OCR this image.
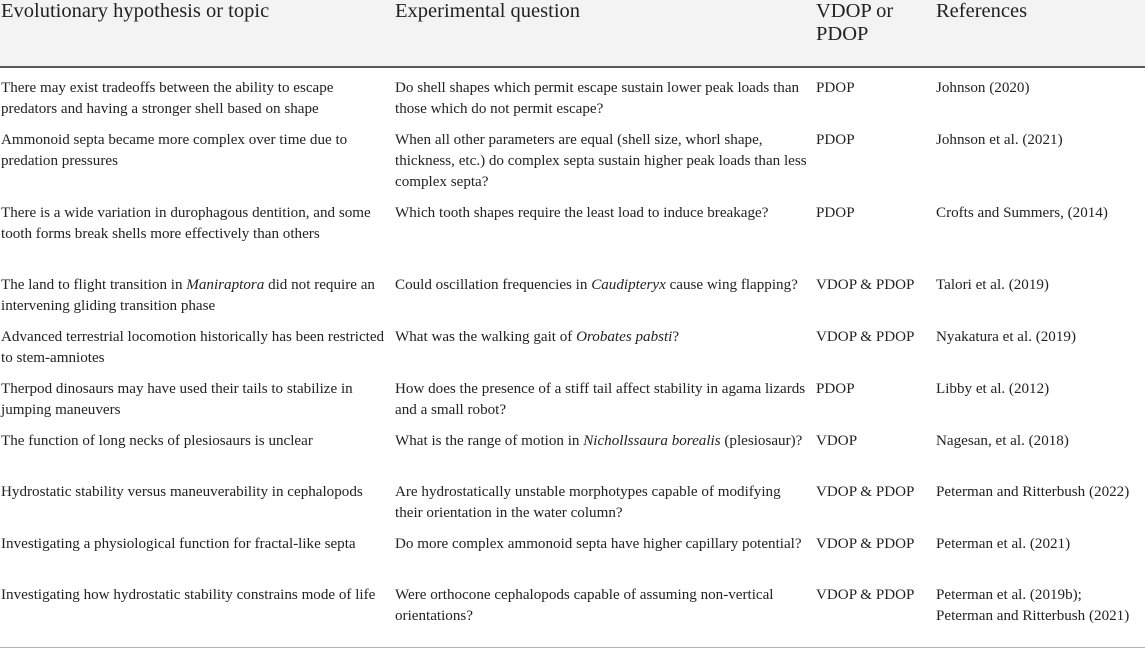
Evolutionary hypothesis or topic	Experimental question	VDOP or PDOP	References
There may exist tradeoffs between the ability to escape predators and having a stronger shell based on shape	Do shell shapes which permit escape sustain lower peak loads than those which do not permit escape?	PDOP	Johnson (2020)
Ammonoid septa became more complex over time due to predation pressures	When all other parameters are equal (shell size, whorl shape, thickness, etc.) do complex septa sustain higher peak loads than less complex septa?	PDOP	Johnson et al. (2021)
There is a wide variation in durophagous dentition, and some tooth forms break shells more effectively than others	Which tooth shapes require the least load to induce breakage?	PDOP	Crofts and Summers, (2014)
The land to flight transition in Maniraptora did not require an intervening gliding transition phase	Could oscillation frequencies in Caudipteryx cause wing flapping?	VDOP & PDOP	Talori et al. (2019)
Advanced terrestrial locomotion historically has been restricted to stem-amniotes	What was the walking gait of Orobates pabsti?	VDOP & PDOP	Nyakatura et al. (2019)
Therpod dinosaurs may have used their tails to stabilize in jumping maneuvers	How does the presence of a stiff tail affect stability in agama lizards and a small robot?	PDOP	Libby et al. (2012)
The function of long necks of plesiosaurs is unclear	What is the range of motion in Nichollssaura borealis (plesiosaur)?	VDOP	Nagesan, et al. (2018)
Hydrostatic stability versus maneuverability in cephalopods	Are hydrostatically unstable morphotypes capable of modifying their orientation in the water column?	VDOP & PDOP	Peterman and Ritterbush (2022)
Investigating a physiological function for fractal-like septa	Do more complex ammonoid septa have higher capillary potential?	VDOP & PDOP	Peterman et al. (2021)
Investigating how hydrostatic stability constrains mode of life	Were orthocone cephalopods capable of assuming non-vertical orientations?	VDOP & PDOP	Peterman et al. (2019b);
Peterman and Ritterbush (2021)
